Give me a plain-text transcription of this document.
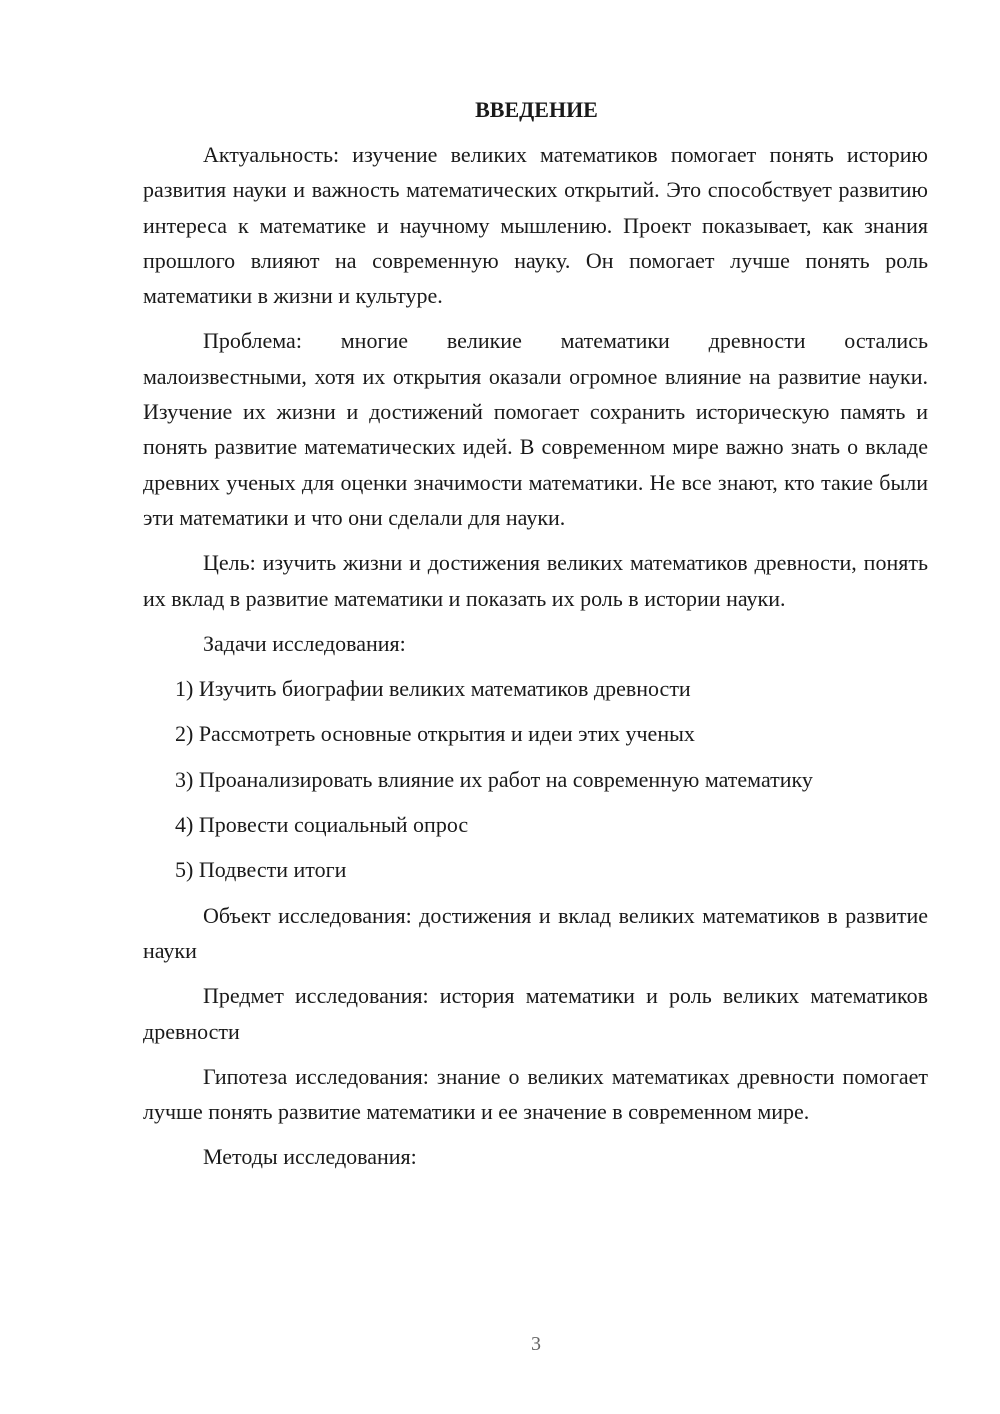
ВВЕДЕНИЕ

Актуальность: изучение великих математиков помогает понять историю развития науки и важность математических открытий. Это способствует развитию интереса к математике и научному мышлению. Проект показывает, как знания прошлого влияют на современную науку. Он помогает лучше понять роль математики в жизни и культуре.

Проблема: многие великие математики древности остались малоизвестными, хотя их открытия оказали огромное влияние на развитие науки. Изучение их жизни и достижений помогает сохранить историческую память и понять развитие математических идей. В современном мире важно знать о вкладе древних ученых для оценки значимости математики. Не все знают, кто такие были эти математики и что они сделали для науки.

Цель: изучить жизни и достижения великих математиков древности, понять их вклад в развитие математики и показать их роль в истории науки.

Задачи исследования:

1) Изучить биографии великих математиков древности
2) Рассмотреть основные открытия и идеи этих ученых
3) Проанализировать влияние их работ на современную математику
4) Провести социальный опрос
5) Подвести итоги

Объект исследования: достижения и вклад великих математиков в развитие науки

Предмет исследования: история математики и роль великих математиков древности

Гипотеза исследования: знание о великих математиках древности помогает лучше понять развитие математики и ее значение в современном мире.

Методы исследования:

3
